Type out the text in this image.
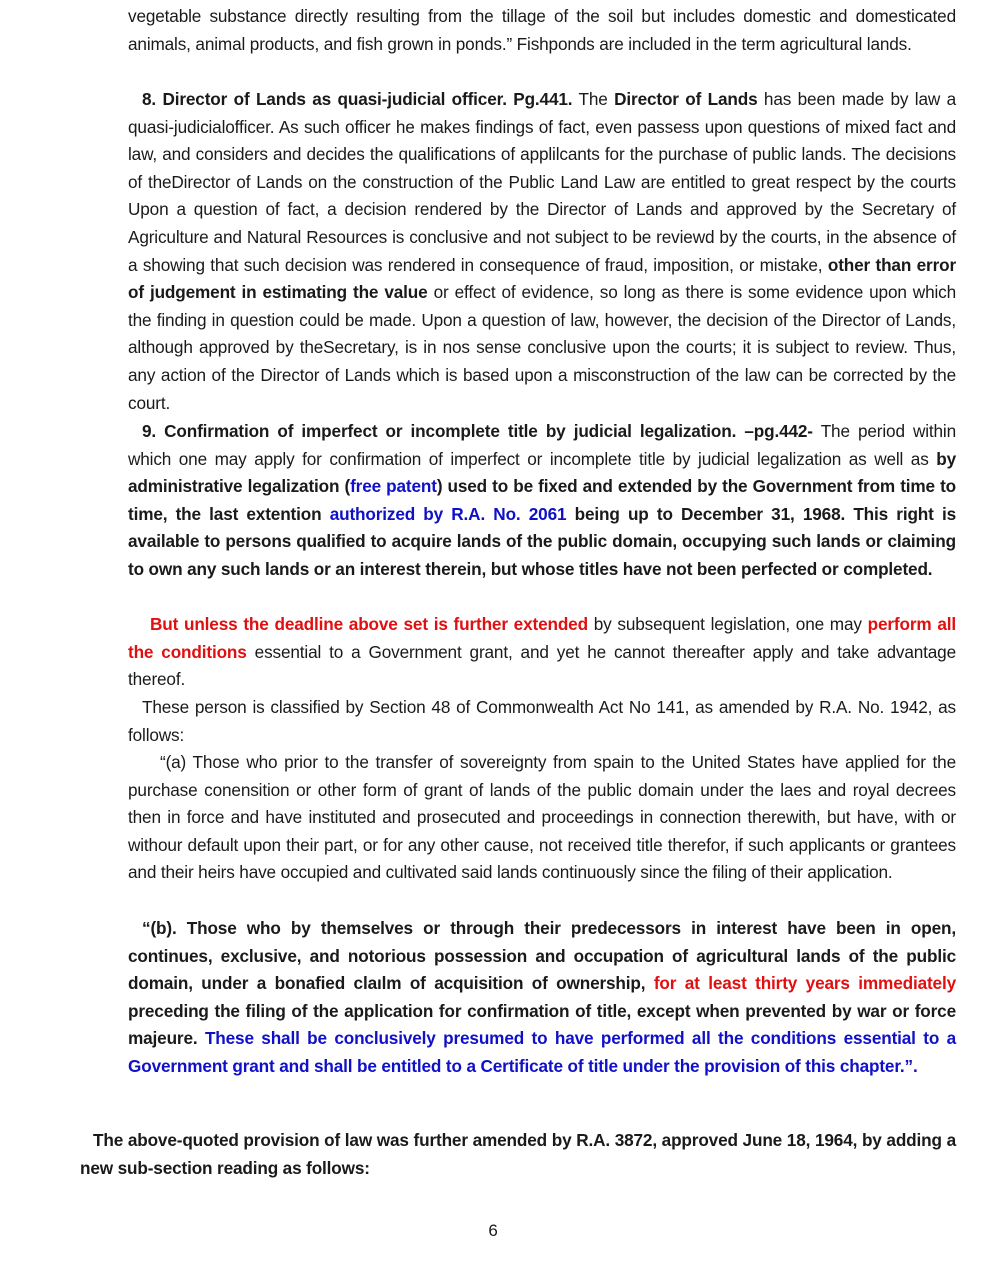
vegetable substance directly resulting from the tillage of the soil but includes domestic and domesticated animals, animal products, and fish grown in ponds.” Fishponds are included in the term agricultural lands.

8. Director of Lands as quasi-judicial officer. Pg.441. The Director of Lands has been made by law a quasi-judicialofficer. As such officer he makes findings of fact, even passess upon questions of mixed fact and law, and considers and decides the qualifications of applilcants for the purchase of public lands. The decisions of theDirector of Lands on the construction of the Public Land Law are entitled to great respect by the courts Upon a question of fact, a decision rendered by the Director of Lands and approved by the Secretary of Agriculture and Natural Resources is conclusive and not subject to be reviewd by the courts, in the absence of a showing that such decision was rendered in consequence of fraud, imposition, or mistake, other than error of judgement in estimating the value or effect of evidence, so long as there is some evidence upon which the finding in question could be made. Upon a question of law, however, the decision of the Director of Lands, although approved by theSecretary, is in nos sense conclusive upon the courts; it is subject to review. Thus, any action of the Director of Lands which is based upon a misconstruction of the law can be corrected by the court.

9. Confirmation of imperfect or incomplete title by judicial legalization. –pg.442- The period within which one may apply for confirmation of imperfect or incomplete title by judicial legalization as well as by administrative legalization (free patent) used to be fixed and extended by the Government from time to time, the last extention authorized by R.A. No. 2061 being up to December 31, 1968. This right is available to persons qualified to acquire lands of the public domain, occupying such lands or claiming to own any such lands or an interest therein, but whose titles have not been perfected or completed.

But unless the deadline above set is further extended by subsequent legislation, one may perform all the conditions essential to a Government grant, and yet he cannot thereafter apply and take advantage thereof.

These person is classified by Section 48 of Commonwealth Act No 141, as amended by R.A. No. 1942, as follows:

“(a) Those who prior to the transfer of sovereignty from spain to the United States have applied for the purchase conensition or other form of grant of lands of the public domain under the laes and royal decrees then in force and have instituted and prosecuted and proceedings in connection therewith, but have, with or withour default upon their part, or for any other cause, not received title therefor, if such applicants or grantees and their heirs have occupied and cultivated said lands continuously since the filing of their application.

“(b). Those who by themselves or through their predecessors in interest have been in open, continues, exclusive, and notorious possession and occupation of agricultural lands of the public domain, under a bonafied claılm of acquisition of ownership, for at least thirty years immediately preceding the filing of the application for confirmation of title, except when prevented by war or force majeure. These shall be conclusively presumed to have performed all the conditions essential to a Government grant and shall be entitled to a Certificate of title under the provision of this chapter.”.

The above-quoted provision of law was further amended by R.A. 3872, approved June 18, 1964, by adding a new sub-section reading as follows:

6
